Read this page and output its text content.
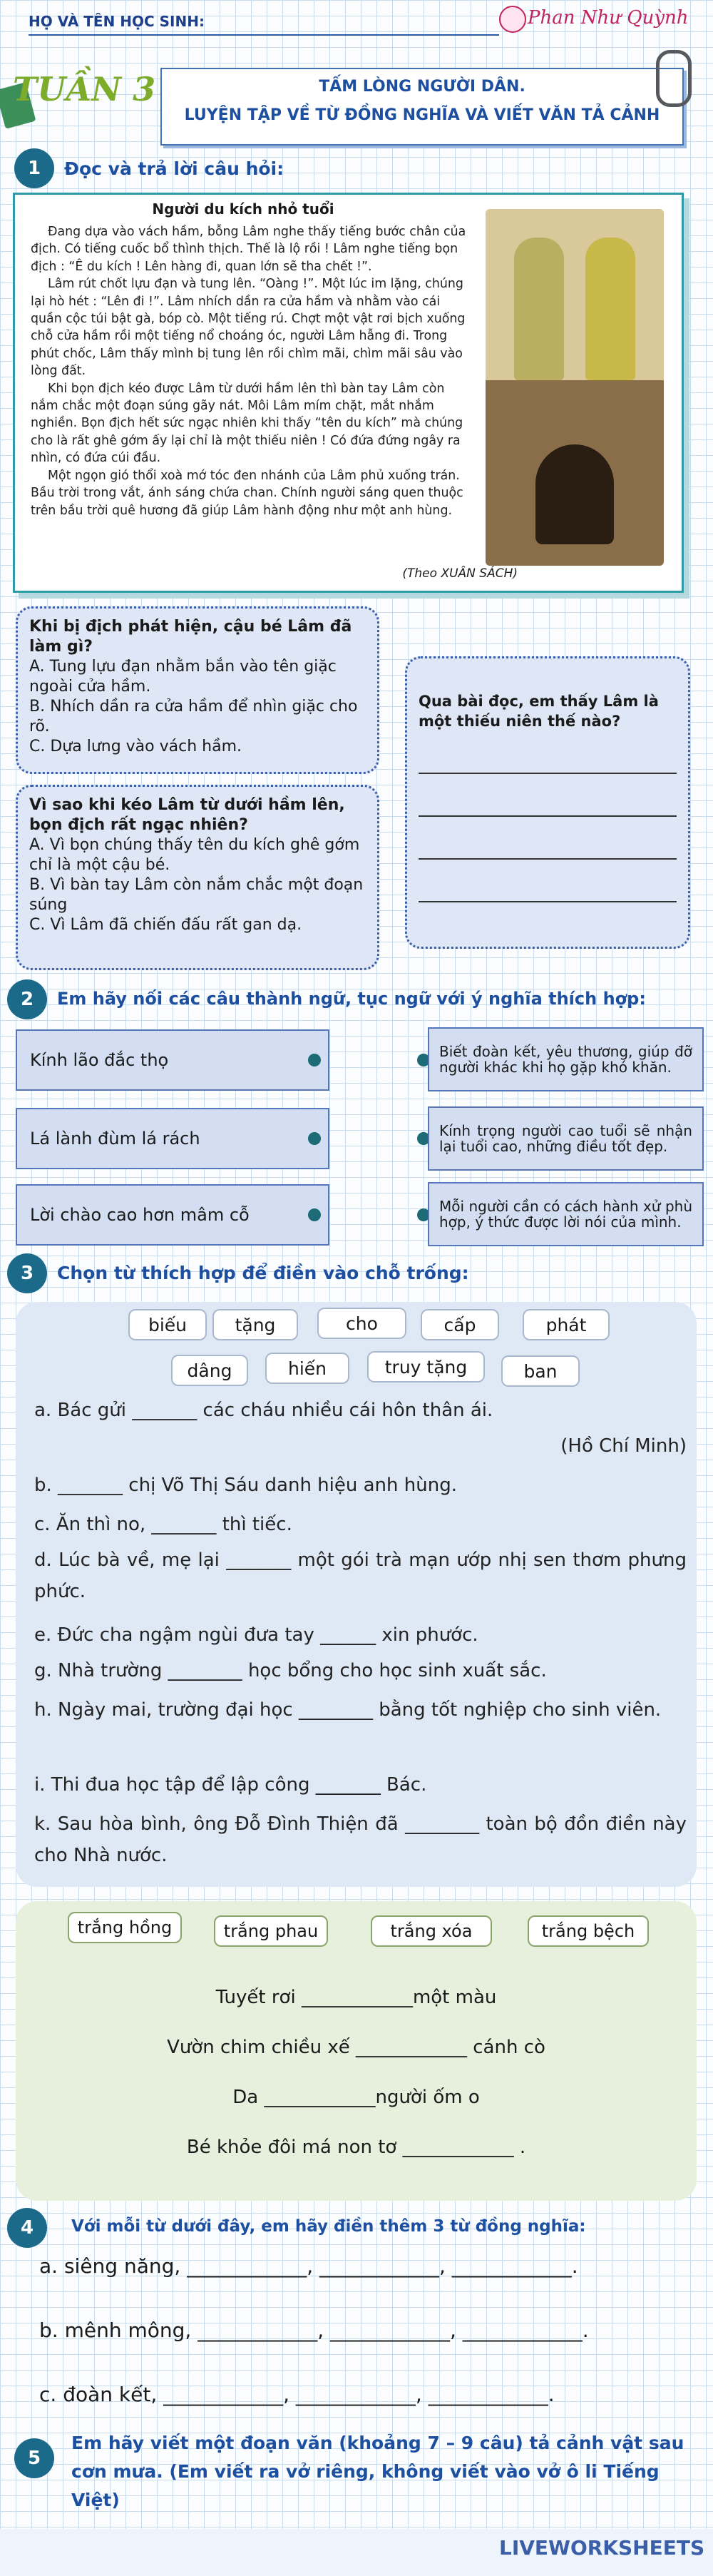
HỌ VÀ TÊN HỌC SINH:	Phan Như Quỳnh
TUẦN 3	TẤM LÒNG NGƯỜI DÂN.
LUYỆN TẬP VỀ TỪ ĐỒNG NGHĨA VÀ VIẾT VĂN TẢ CẢNH
1	Đọc và trả lời câu hỏi:
Người du kích nhỏ tuổi

Đang dựa vào vách hầm, bỗng Lâm nghe thấy tiếng bước chân của địch. Có tiếng cuốc bổ thình thịch. Thế là lộ rồi ! Lâm nghe tiếng bọn địch : “Ê du kích ! Lên hàng đi, quan lớn sẽ tha chết !”.

Lâm rút chốt lựu đạn và tung lên. “Oàng !”. Một lúc im lặng, chúng lại hò hét : “Lên đi !”. Lâm nhích dần ra cửa hầm và nhằm vào cái quần cộc túi bật gà, bóp cò. Một tiếng rú. Chợt một vật rơi bịch xuống chỗ cửa hầm rồi một tiếng nổ choáng óc, người Lâm hẫng đi. Trong phút chốc, Lâm thấy mình bị tung lên rồi chìm mãi, chìm mãi sâu vào lòng đất.

Khi bọn địch kéo được Lâm từ dưới hầm lên thì bàn tay Lâm còn nắm chắc một đoạn súng gãy nát. Môi Lâm mím chặt, mắt nhắm nghiền. Bọn địch hết sức ngạc nhiên khi thấy “tên du kích” mà chúng cho là rất ghê gớm ấy lại chỉ là một thiếu niên ! Có đứa đứng ngây ra nhìn, có đứa cúi đầu.

Một ngọn gió thổi xoà mớ tóc đen nhánh của Lâm phủ xuống trán. Bầu trời trong vắt, ánh sáng chứa chan. Chính người sáng quen thuộc trên bầu trời quê hương đã giúp Lâm hành động như một anh hùng.

(Theo XUÂN SÁCH)
Khi bị địch phát hiện, cậu bé Lâm đã làm gì?
A. Tung lựu đạn nhằm bắn vào tên giặc ngoài cửa hầm.
B. Nhích dần ra cửa hầm để nhìn giặc cho rõ.
C. Dựa lưng vào vách hầm.
Vì sao khi kéo Lâm từ dưới hầm lên, bọn địch rất ngạc nhiên?
A. Vì bọn chúng thấy tên du kích ghê gớm chỉ là một cậu bé.
B. Vì bàn tay Lâm còn nắm chắc một đoạn súng
C. Vì Lâm đã chiến đấu rất gan dạ.
Qua bài đọc, em thấy Lâm là một thiếu niên thế nào?
2	Em hãy nối các câu thành ngữ, tục ngữ với ý nghĩa thích hợp:
Kính lão đắc thọ
Lá lành đùm lá rách
Lời chào cao hơn mâm cỗ
Biết đoàn kết, yêu thương, giúp đỡ người khác khi họ gặp khó khăn.
Kính trọng người cao tuổi sẽ nhận lại tuổi cao, những điều tốt đẹp.
Mỗi người cần có cách hành xử phù hợp, ý thức được lời nói của mình.
3	Chọn từ thích hợp để điền vào chỗ trống:
biếu	tặng	cho	cấp	phát
dâng	hiến	truy tặng	ban
a. Bác gửi _______ các cháu nhiều cái hôn thân ái.
(Hồ Chí Minh)
b. _______ chị Võ Thị Sáu danh hiệu anh hùng.
c. Ăn thì no, _______ thì tiếc.
d. Lúc bà về, mẹ lại _______ một gói trà mạn ướp nhị sen thơm phưng phức.
e. Đức cha ngậm ngùi đưa tay ______ xin phước.
g. Nhà trường ________ học bổng cho học sinh xuất sắc.
h. Ngày mai, trường đại học ________ bằng tốt nghiệp cho sinh viên.
i. Thi đua học tập để lập công _______ Bác.
k. Sau hòa bình, ông Đỗ Đình Thiện đã ________ toàn bộ đồn điền này cho Nhà nước.
trắng hồng	trắng phau	trắng xóa	trắng bệch
Tuyết rơi ____________một màu
Vườn chim chiều xế ____________ cánh cò
Da ____________người ốm o
Bé khỏe đôi má non tơ ____________ .
4	Với mỗi từ dưới đây, em hãy điền thêm 3 từ đồng nghĩa:
a. siêng năng, ____________, ____________, ____________.
b. mênh mông, ____________, ____________, ____________.
c. đoàn kết, ____________, ____________, ____________.
5
Em hãy viết một đoạn văn (khoảng 7 – 9 câu) tả cảnh vật sau cơn mưa. (Em viết ra vở riêng, không viết vào vở ô li Tiếng Việt)
LIVEWORKSHEETS
